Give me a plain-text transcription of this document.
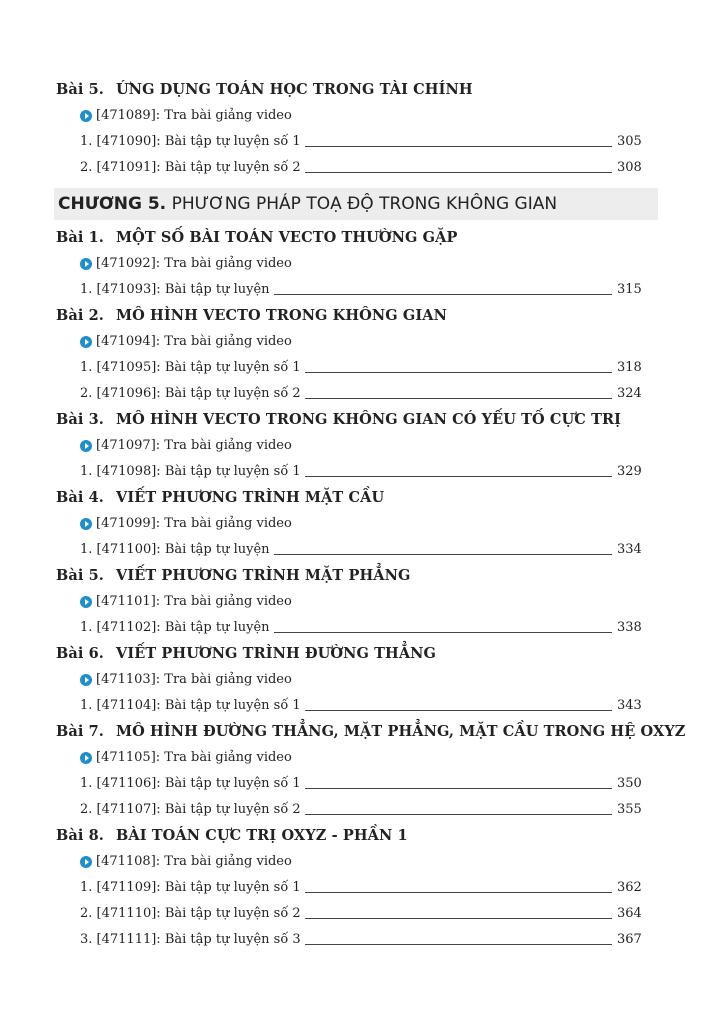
Bài 5. ỨNG DỤNG TOÁN HỌC TRONG TÀI CHÍNH
[471089]: Tra bài giảng video
1. [471090]: Bài tập tự luyện số 1	305
2. [471091]: Bài tập tự luyện số 2	308
CHƯƠNG 5. PHƯƠNG PHÁP TOẠ ĐỘ TRONG KHÔNG GIAN
Bài 1. MỘT SỐ BÀI TOÁN VECTO THƯỜNG GẶP
[471092]: Tra bài giảng video
1. [471093]: Bài tập tự luyện	315
Bài 2. MÔ HÌNH VECTO TRONG KHÔNG GIAN
[471094]: Tra bài giảng video
1. [471095]: Bài tập tự luyện số 1	318
2. [471096]: Bài tập tự luyện số 2	324
Bài 3. MÔ HÌNH VECTO TRONG KHÔNG GIAN CÓ YẾU TỐ CỰC TRỊ
[471097]: Tra bài giảng video
1. [471098]: Bài tập tự luyện số 1	329
Bài 4. VIẾT PHƯƠNG TRÌNH MẶT CẦU
[471099]: Tra bài giảng video
1. [471100]: Bài tập tự luyện	334
Bài 5. VIẾT PHƯƠNG TRÌNH MẶT PHẲNG
[471101]: Tra bài giảng video
1. [471102]: Bài tập tự luyện	338
Bài 6. VIẾT PHƯƠNG TRÌNH ĐƯỜNG THẲNG
[471103]: Tra bài giảng video
1. [471104]: Bài tập tự luyện số 1	343
Bài 7. MÔ HÌNH ĐƯỜNG THẲNG, MẶT PHẲNG, MẶT CẦU TRONG HỆ OXYZ
[471105]: Tra bài giảng video
1. [471106]: Bài tập tự luyện số 1	350
2. [471107]: Bài tập tự luyện số 2	355
Bài 8. BÀI TOÁN CỰC TRỊ OXYZ - PHẦN 1
[471108]: Tra bài giảng video
1. [471109]: Bài tập tự luyện số 1	362
2. [471110]: Bài tập tự luyện số 2	364
3. [471111]: Bài tập tự luyện số 3	367
